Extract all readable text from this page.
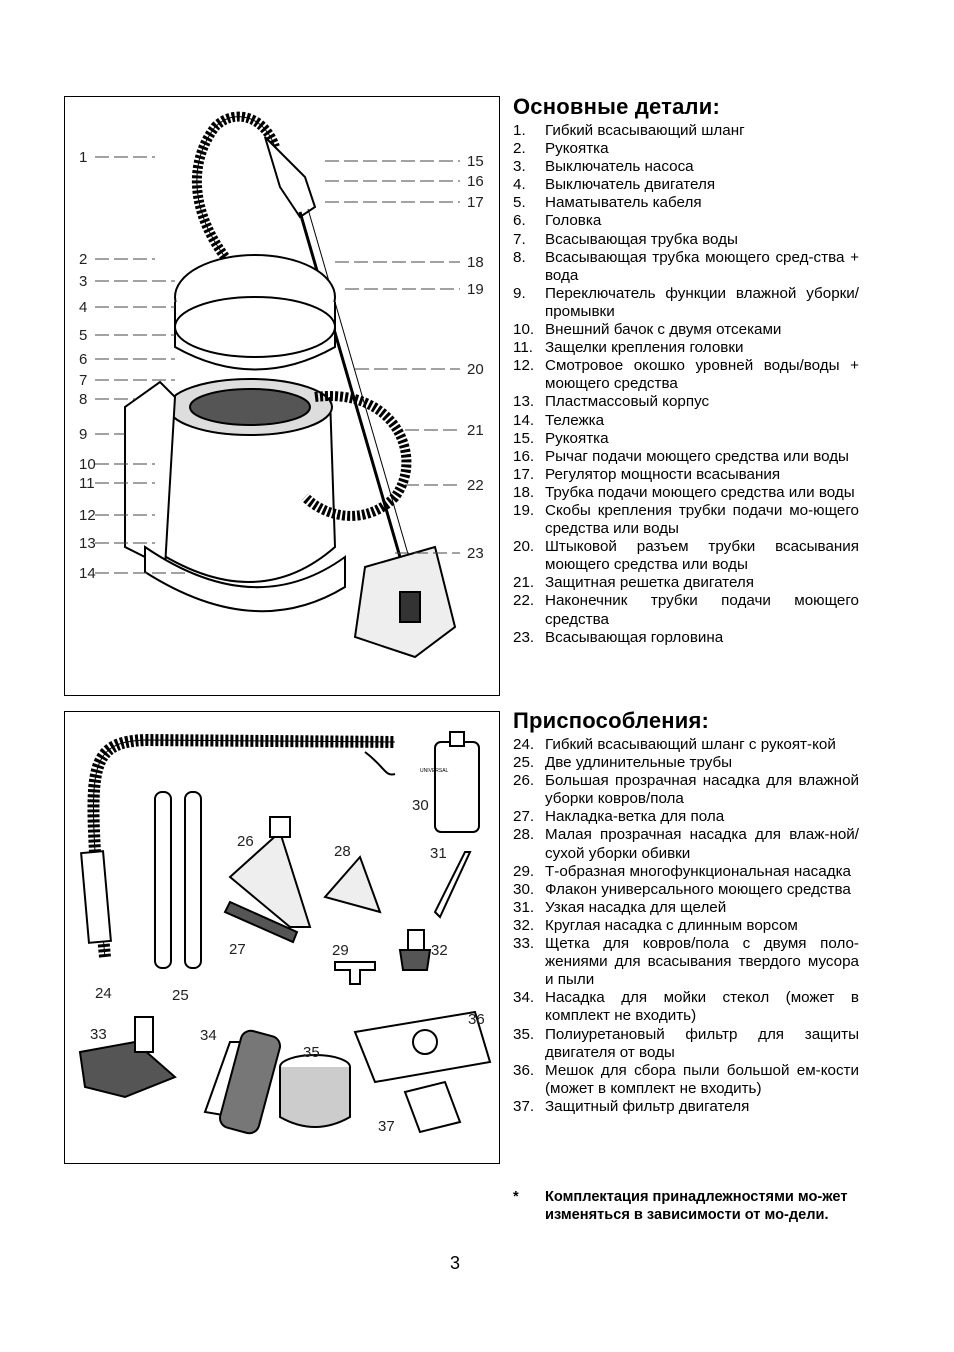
1
2
3
4
5
6
7
8
9
10
11
12
13
14
15
16
17
18
19
20
21
22
23
UNIVERSAL
24	25
26
27
28
29
30
31
32
33	34
35
36
37
Основные детали:
1. Гибкий всасывающий шланг
2. Рукоятка
3. Выключатель насоса
4. Выключатель двигателя
5. Наматыватель кабеля
6. Головка
7. Всасывающая трубка воды
8. Всасывающая трубка моющего сред-ства + вода
9. Переключатель функции влажной уборки/промывки
10. Внешний бачок с двумя отсеками
11. Защелки крепления головки
12. Смотровое окошко уровней воды/воды + моющего средства
13. Пластмассовый корпус
14. Тележка
15. Рукоятка
16. Рычаг подачи моющего средства или воды
17. Регулятор мощности всасывания
18. Трубка подачи моющего средства или воды
19. Скобы крепления трубки подачи мо-ющего средства или воды
20. Штыковой разъем трубки всасывания моющего средства или воды
21. Защитная решетка двигателя
22. Наконечник трубки подачи моющего средства
23. Всасывающая горловина
Приспособления:
24. Гибкий всасывающий шланг с рукоят-кой
25. Две удлинительные трубы
26. Большая прозрачная насадка для влажной уборки ковров/пола
27. Накладка-ветка для пола
28. Малая прозрачная насадка для влаж-ной/сухой уборки обивки
29. Т-образная многофункциональная насадка
30. Флакон универсального моющего средства
31. Узкая насадка для щелей
32. Круглая насадка с длинным ворсом
33. Щетка для ковров/пола с двумя поло-жениями для всасывания твердого мусора и пыли
34. Насадка для мойки стекол (может в комплект не входить)
35. Полиуретановый фильтр для защиты двигателя от воды
36. Мешок для сбора пыли большой ем-кости (может в комплект не входить)
37. Защитный фильтр двигателя
*	Комплектация принадлежностями мо-жет изменяться в зависимости от мо-дели.
3
